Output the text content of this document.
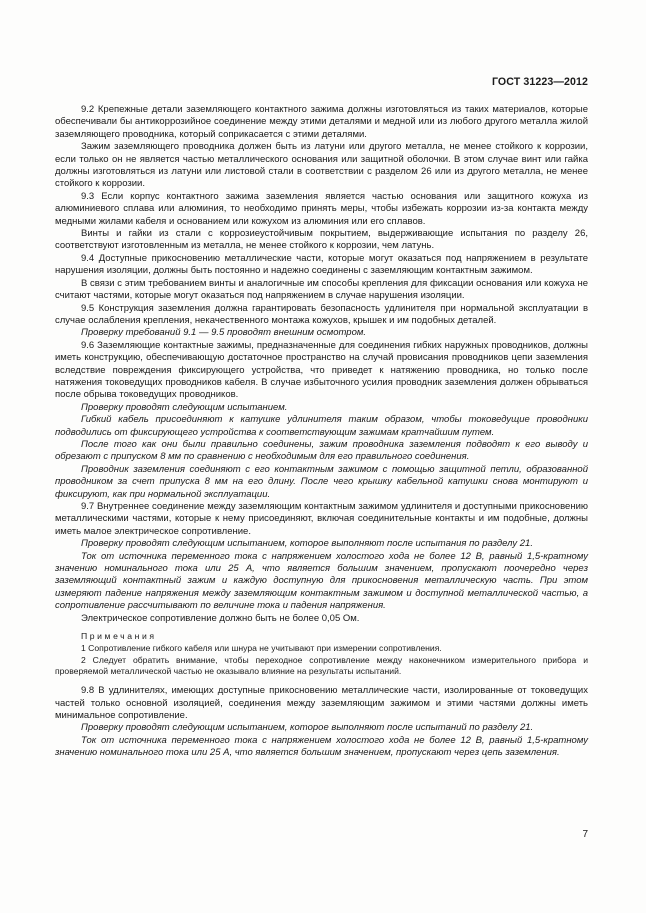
ГОСТ 31223—2012

9.2 Крепежные детали заземляющего контактного зажима должны изготовляться из таких материалов, которые обеспечивали бы антикоррозийное соединение между этими деталями и медной или из любого другого металла жилой заземляющего проводника, который соприкасается с этими деталями.

Зажим заземляющего проводника должен быть из латуни или другого металла, не менее стойкого к коррозии, если только он не является частью металлического основания или защитной оболочки. В этом случае винт или гайка должны изготовляться из латуни или листовой стали в соответствии с разделом 26 или из другого металла, не менее стойкого к коррозии.

9.3 Если корпус контактного зажима заземления является частью основания или защитного кожуха из алюминиевого сплава или алюминия, то необходимо принять меры, чтобы избежать коррозии из-за контакта между медными жилами кабеля и основанием или кожухом из алюминия или его сплавов.

Винты и гайки из стали с коррозиеустойчивым покрытием, выдерживающие испытания по разделу 26, соответствуют изготовленным из металла, не менее стойкого к коррозии, чем латунь.

9.4 Доступные прикосновению металлические части, которые могут оказаться под напряжением в результате нарушения изоляции, должны быть постоянно и надежно соединены с заземляющим контактным зажимом.

В связи с этим требованием винты и аналогичные им способы крепления для фиксации основания или кожуха не считают частями, которые могут оказаться под напряжением в случае нарушения изоляции.

9.5 Конструкция заземления должна гарантировать безопасность удлинителя при нормальной эксплуатации в случае ослабления крепления, некачественного монтажа кожухов, крышек и им подобных деталей.

Проверку требований 9.1 — 9.5 проводят внешним осмотром.

9.6 Заземляющие контактные зажимы, предназначенные для соединения гибких наружных проводников, должны иметь конструкцию, обеспечивающую достаточное пространство на случай провисания проводников цепи заземления вследствие повреждения фиксирующего устройства, что приведет к натяжению проводника, но только после натяжения токоведущих проводников кабеля. В случае избыточного усилия проводник заземления должен обрываться после обрыва токоведущих проводников.

Проверку проводят следующим испытанием.

Гибкий кабель присоединяют к катушке удлинителя таким образом, чтобы токоведущие проводники подводились от фиксирующего устройства к соответствующим зажимам кратчайшим путем.

После того как они были правильно соединены, зажим проводника заземления подводят к его выводу и обрезают с припуском 8 мм по сравнению с необходимым для его правильного соединения.

Проводник заземления соединяют с его контактным зажимом с помощью защитной петли, образованной проводником за счет припуска 8 мм на его длину. После чего крышку кабельной катушки снова монтируют и фиксируют, как при нормальной эксплуатации.

9.7 Внутреннее соединение между заземляющим контактным зажимом удлинителя и доступными прикосновению металлическими частями, которые к нему присоединяют, включая соединительные контакты и им подобные, должны иметь малое электрическое сопротивление.

Проверку проводят следующим испытанием, которое выполняют после испытания по разделу 21.

Ток от источника переменного тока с напряжением холостого хода не более 12 В, равный 1,5-кратному значению номинального тока или 25 А, что является большим значением, пропускают поочередно через заземляющий контактный зажим и каждую доступную для прикосновения металлическую часть. При этом измеряют падение напряжения между заземляющим контактным зажимом и доступной металлической частью, а сопротивление рассчитывают по величине тока и падения напряжения.

Электрическое сопротивление должно быть не более 0,05 Ом.

Примечания

1 Сопротивление гибкого кабеля или шнура не учитывают при измерении сопротивления.

2 Следует обратить внимание, чтобы переходное сопротивление между наконечником измерительного прибора и проверяемой металлической частью не оказывало влияние на результаты испытаний.

9.8 В удлинителях, имеющих доступные прикосновению металлические части, изолированные от токоведущих частей только основной изоляцией, соединения между заземляющим зажимом и этими частями должны иметь минимальное сопротивление.

Проверку проводят следующим испытанием, которое выполняют после испытаний по разделу 21.

Ток от источника переменного тока с напряжением холостого хода не более 12 В, равный 1,5-кратному значению номинального тока или 25 А, что является большим значением, пропускают через цепь заземления.

7
